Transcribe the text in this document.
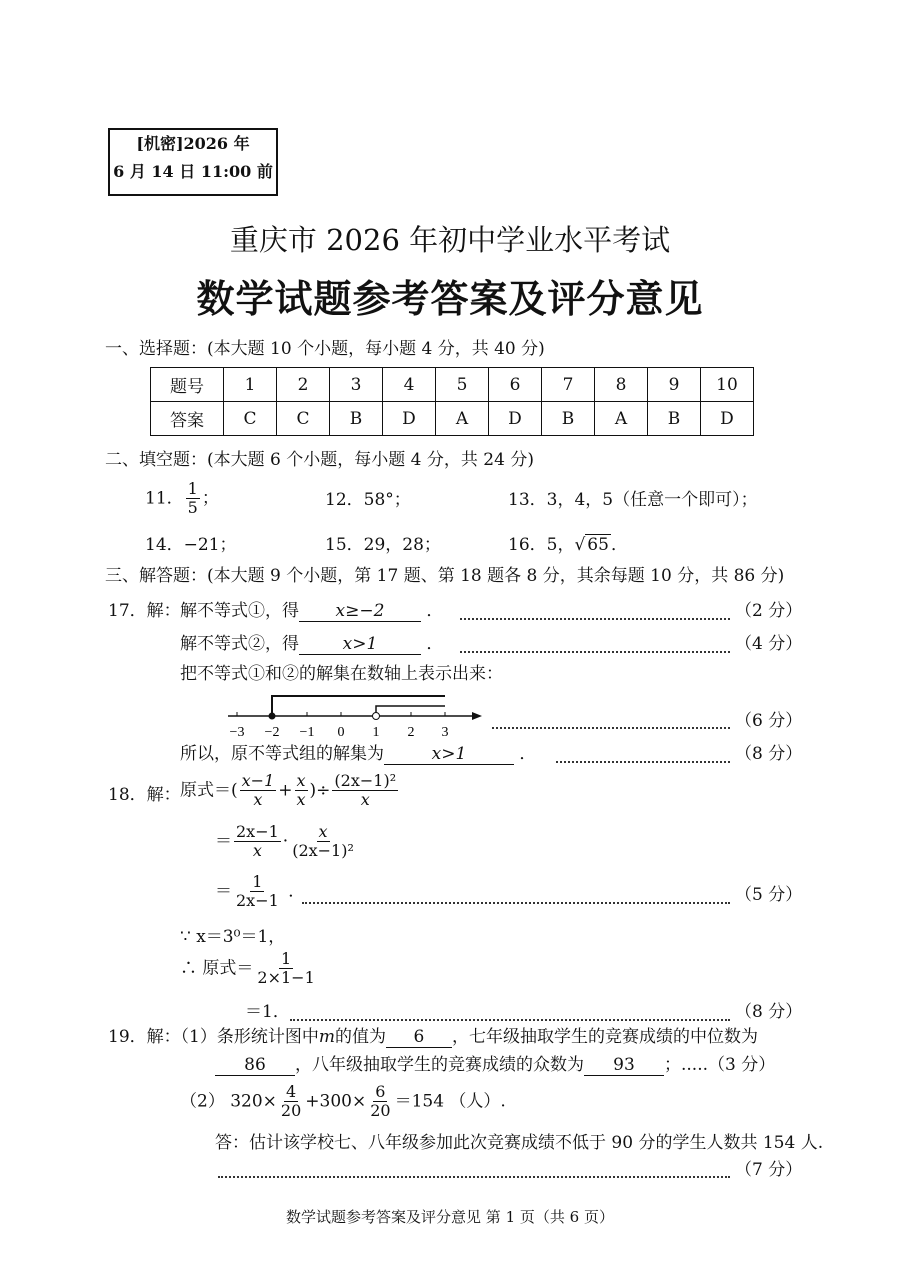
[机密]2026 年
6 月 14 日 11:00 前
重庆市 2026 年初中学业水平考试
数学试题参考答案及评分意见
一、选择题：(本大题 10 个小题，每小题 4 分，共 40 分)
题号	1	2	3	4	5	6	7	8	9	10
答案	C	C	B	D	A	D	B	A	B	D
二、填空题：(本大题 6 个小题，每小题 4 分，共 24 分)
11． $\frac{1}{5}$ ；	12．58°；	13．3，4，5（任意一个即可）；
14．−21；	15．29，28；	16．5，√ 65 ．
三、解答题：(本大题 9 个小题，第 17 题、第 18 题各 8 分，其余每题 10 分，共 86 分)
17．解： 解不等式①，得 x≥−2 ．	（2 分）
解不等式②，得	x>1	．	（4 分）
把不等式①和②的解集在数轴上表示出来：
−3 −2 −1 0 1 2 3
（6 分）
所以，原不等式组的解集为	x>1	．	（8 分）
18．解： 原式＝( $\frac{x-1}{x} + \frac{x}{x}$ )÷ $\frac{\text{(2x−1)²}}{x}$
＝ $\frac{2x-1}{x} \cdot \frac{x}{\text{(2x−1)²}}$
＝ $\frac{1}{2x-1}$ ．	（5 分）
∵ x＝3⁰＝1，
∴ 原式＝ $\frac{1}{2\times 1-1}$
＝1．	（8 分）
19．解：
（1）条形统计图中m的值为 6 ，七年级抽取学生的竞赛成绩的中位数为
86 ，八年级抽取学生的竞赛成绩的众数为 93 ；.....（3 分）
（2） $320\times \frac{4}{20} +300\times \frac{6}{20} =154$ （人）.
答：估计该学校七、八年级参加此次竞赛成绩不低于 90 分的学生人数共 154 人.
（7 分）
数学试题参考答案及评分意见 第 1 页（共 6 页）
